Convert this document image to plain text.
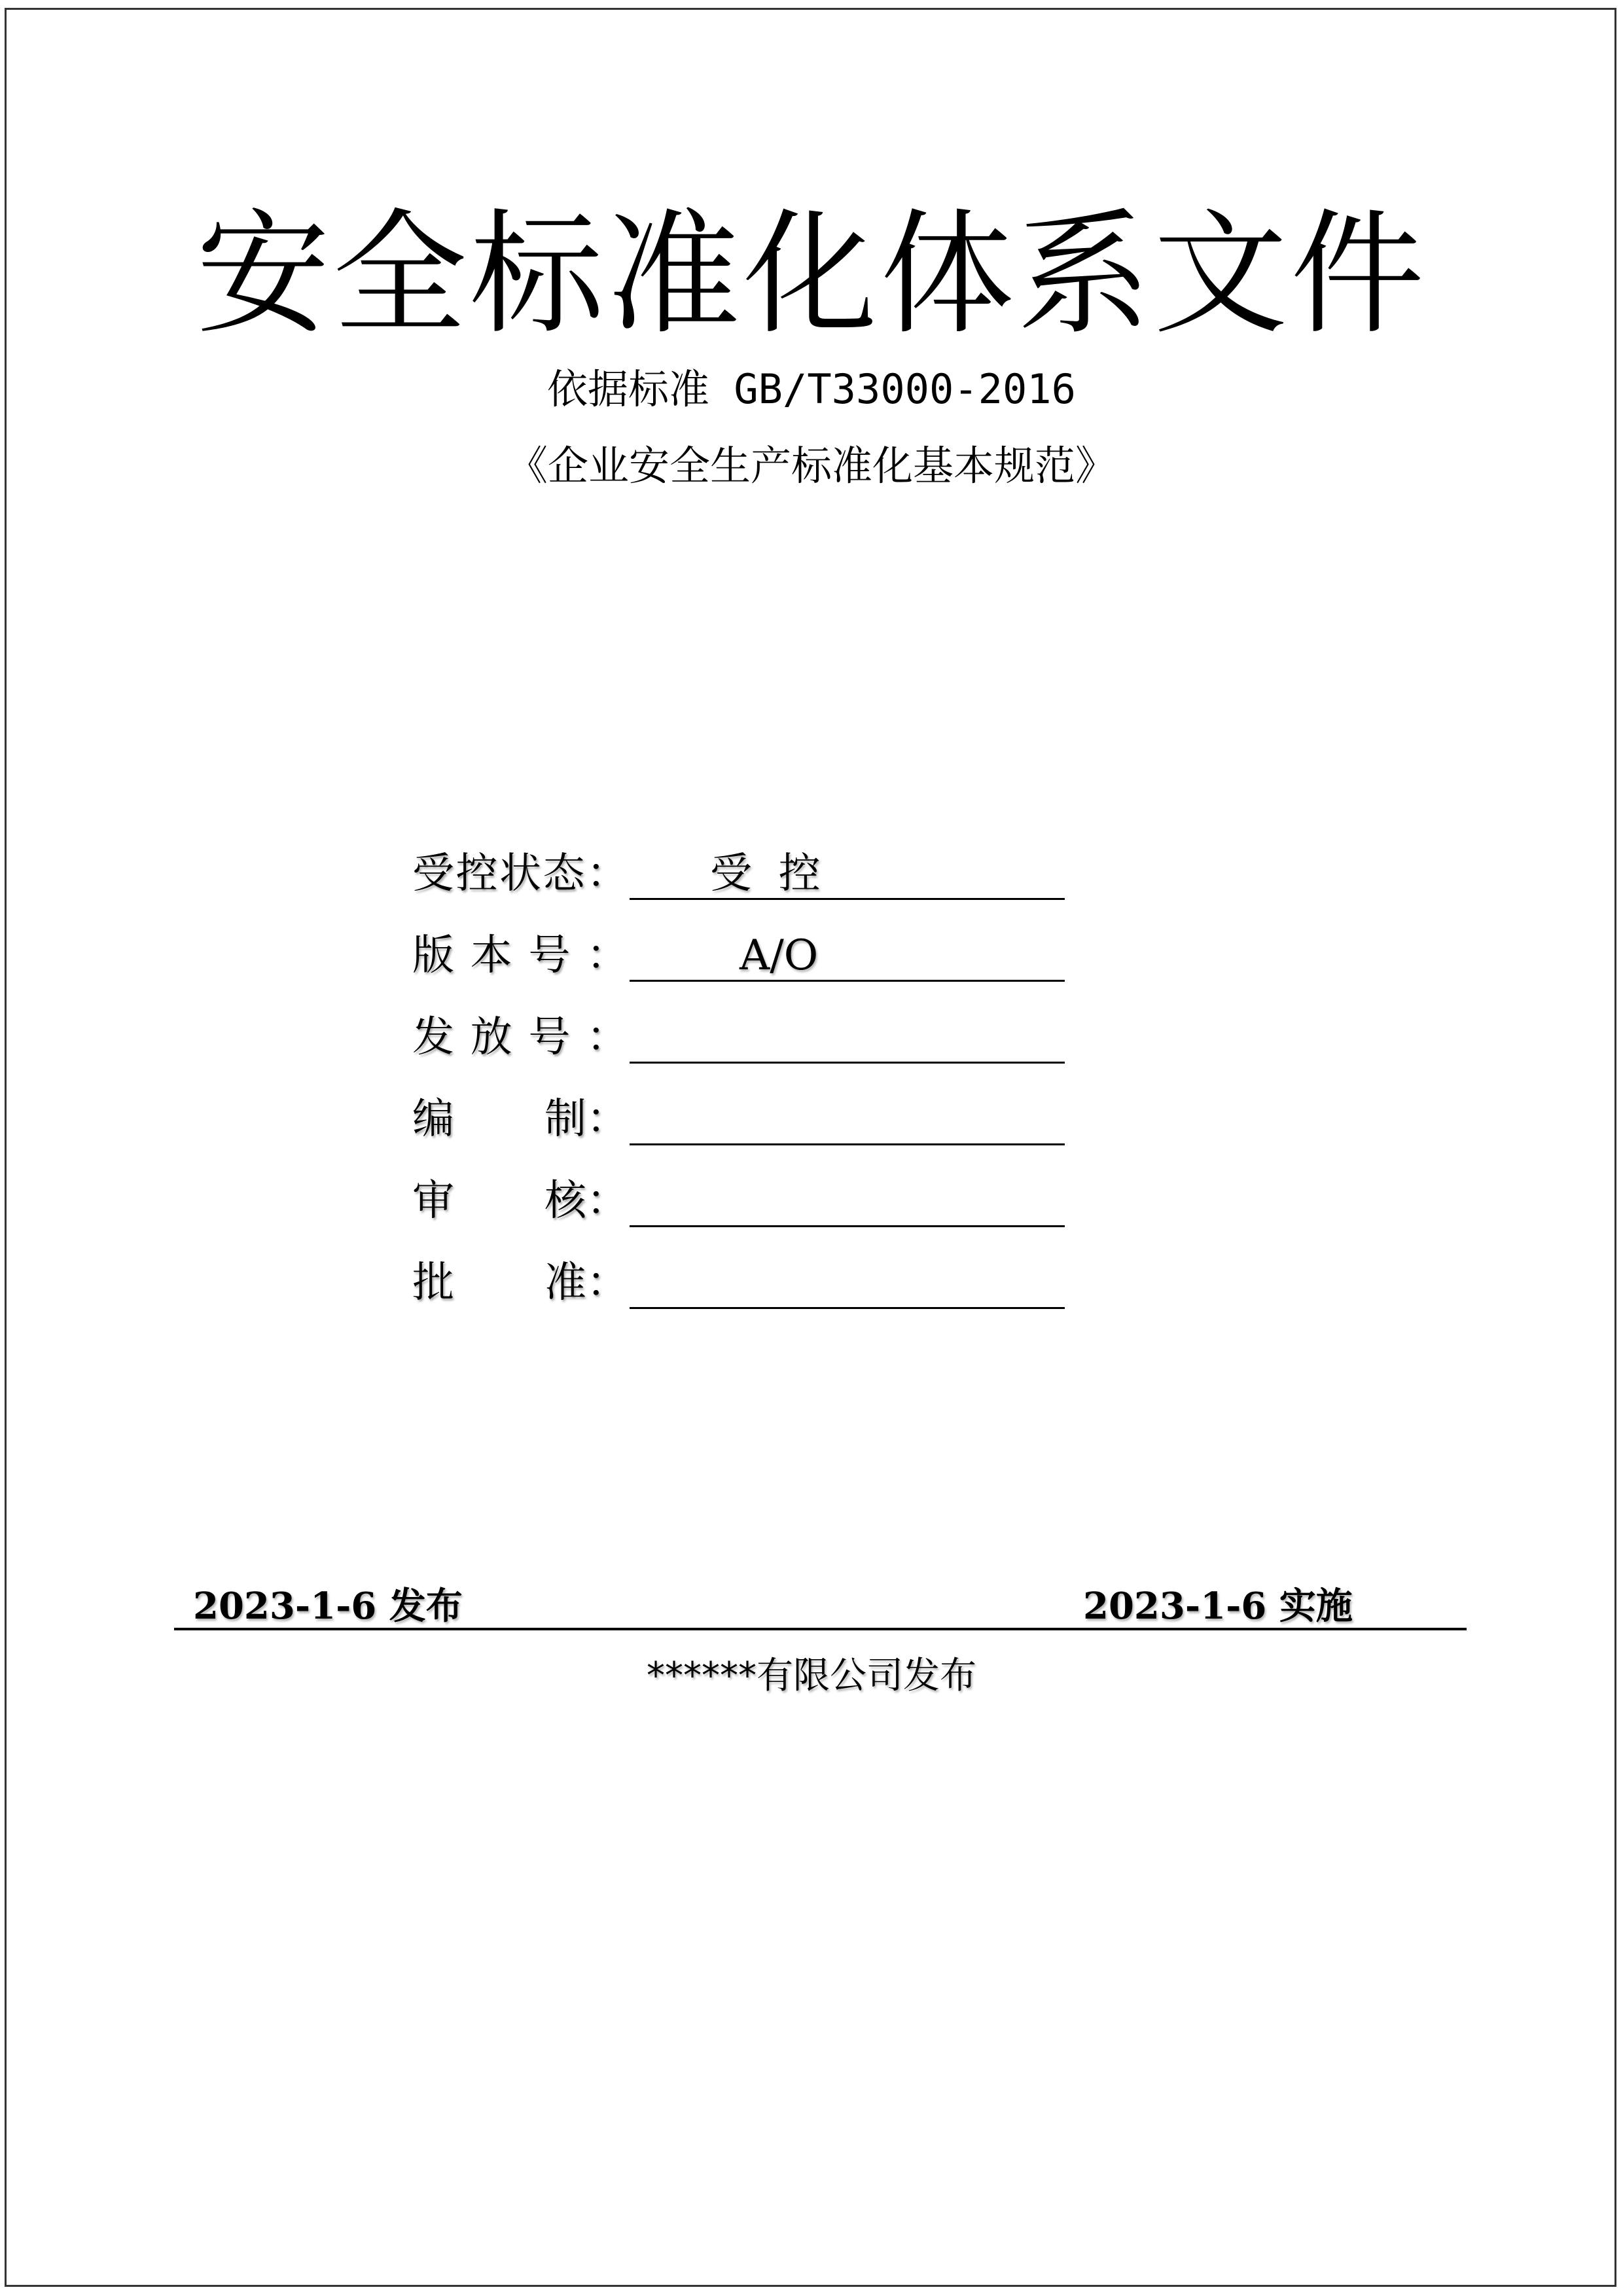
安全标准化体系文件
依据标准 GB/T33000-2016
《企业安全生产标准化基本规范》
受 控 状 态 ： 受  控
版 本 号 ：	A/O
发 放 号 ：
编 制 ：
审 核 ：
批 准 ：
2023-1-6 发布	2023-1-6 实施
******有限公司发布
